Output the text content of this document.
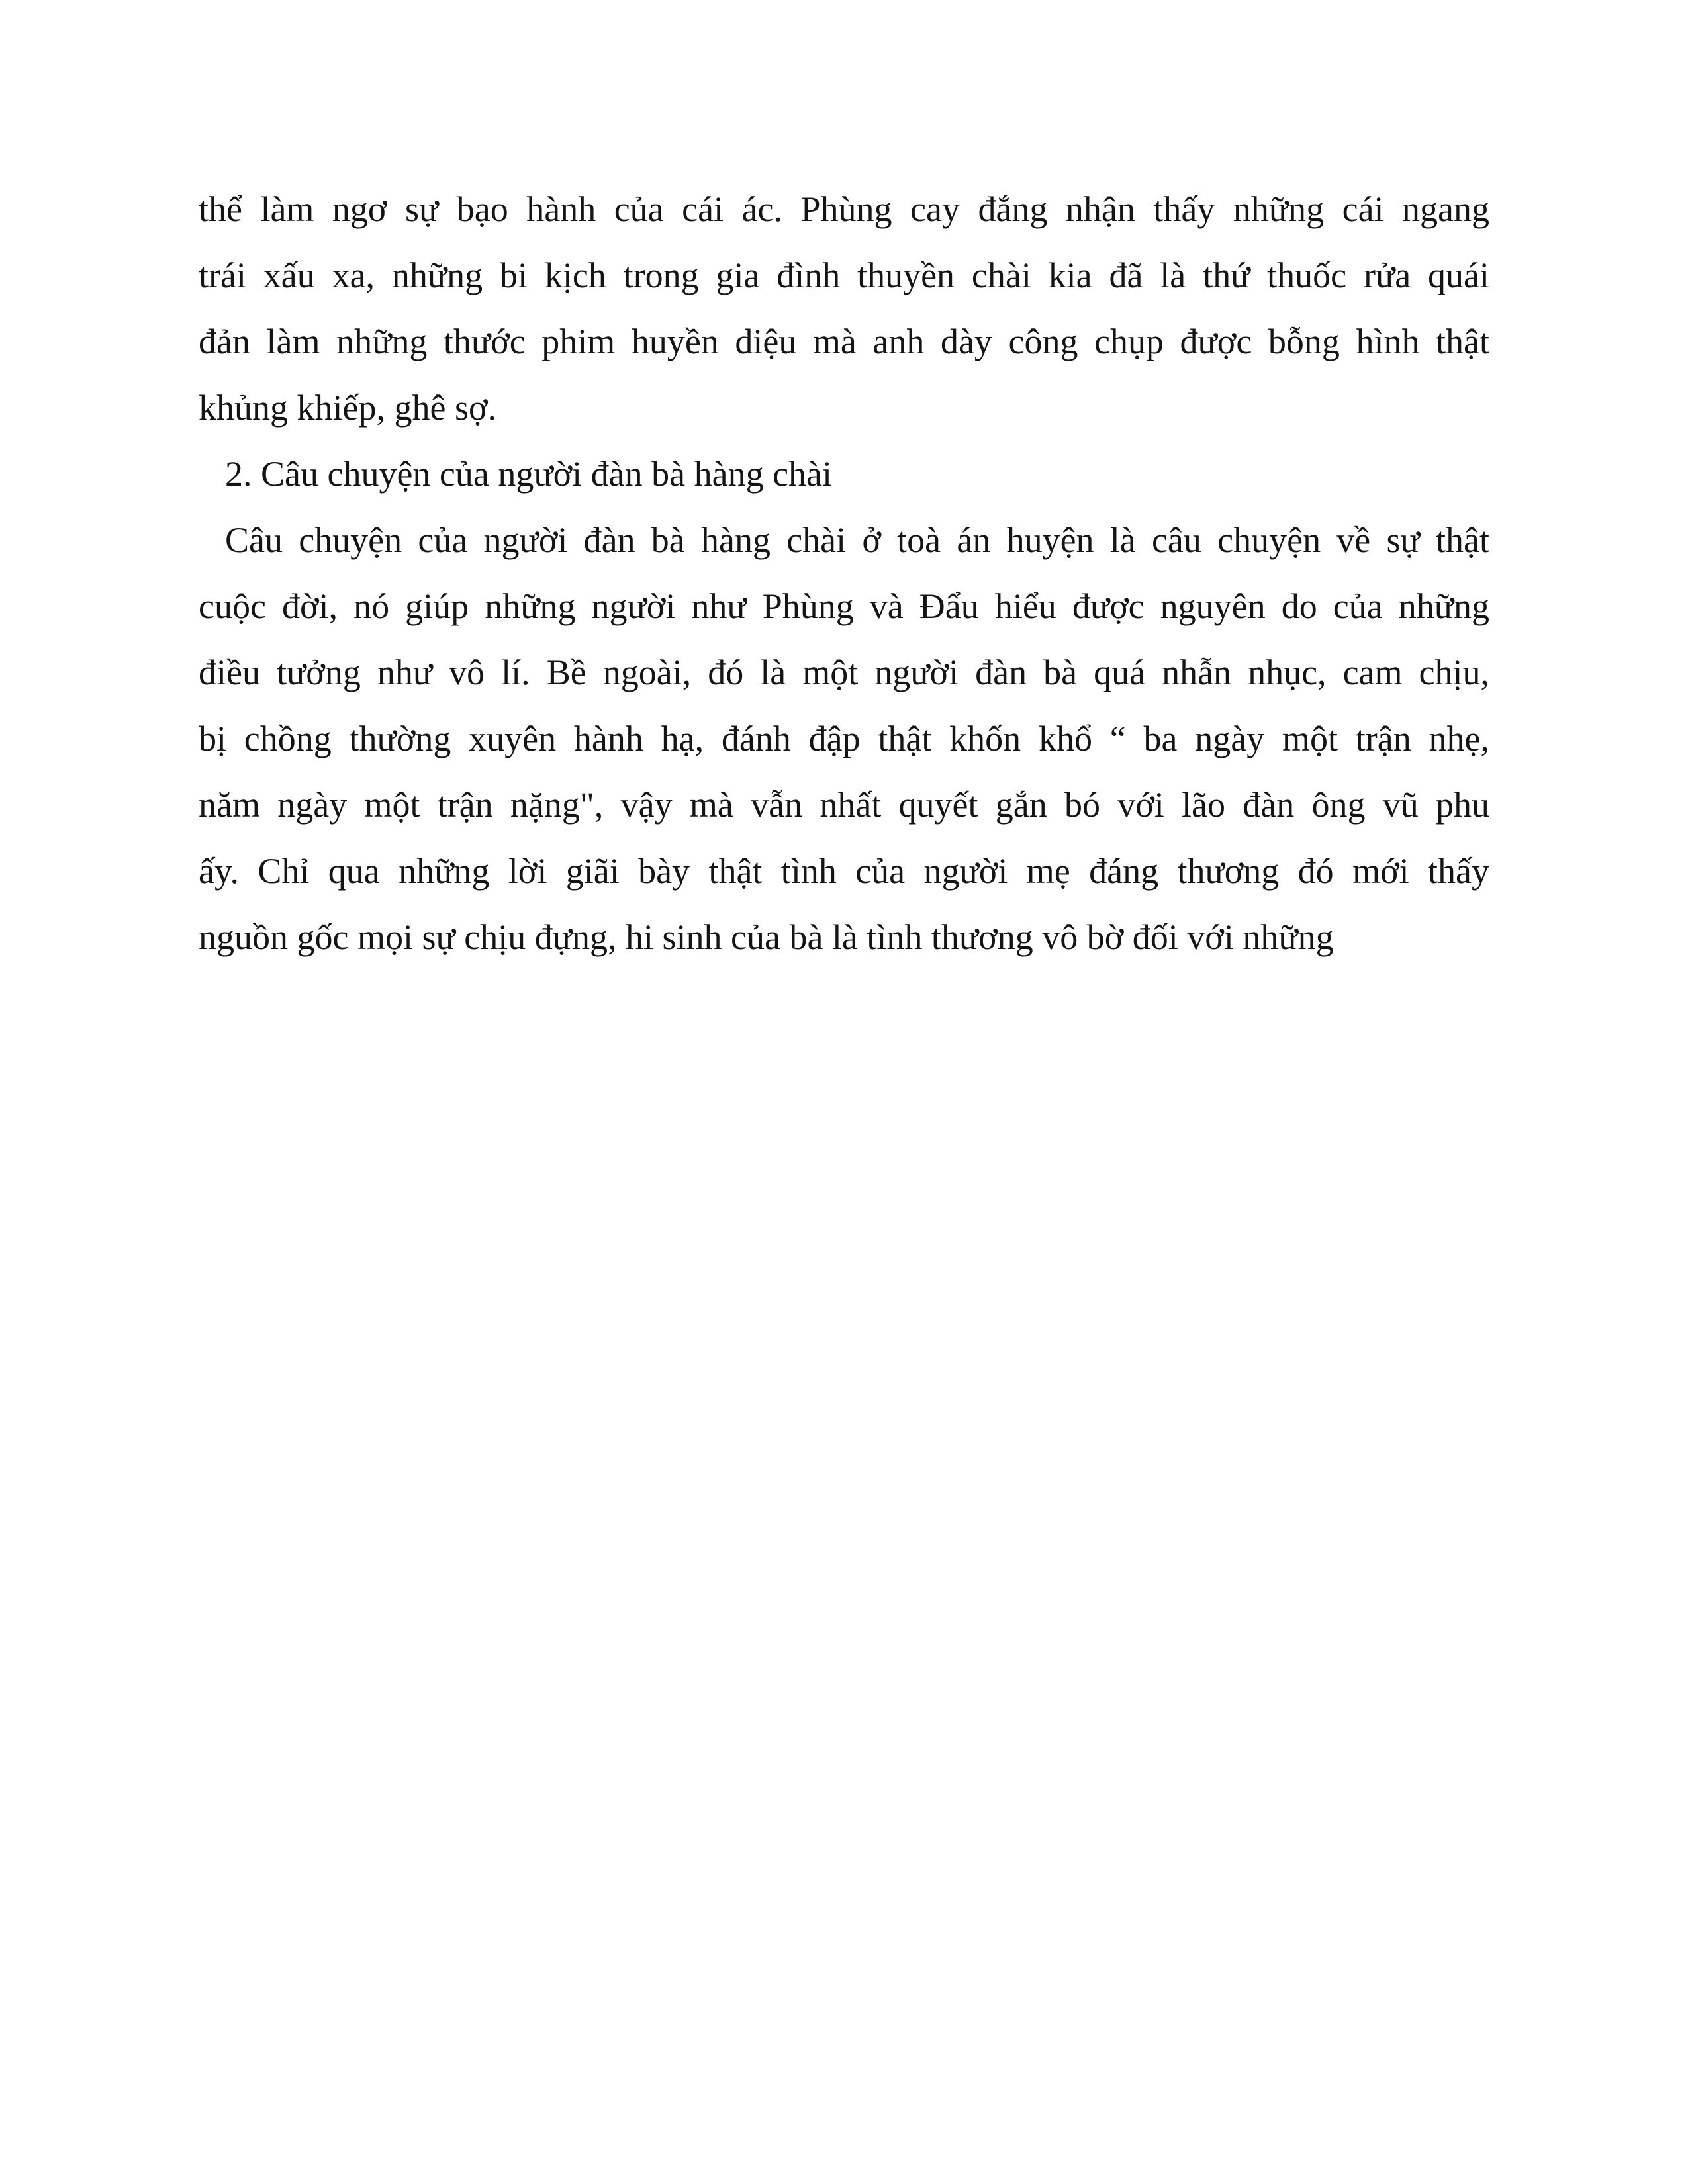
thể làm ngơ sự bạo hành của cái ác. Phùng cay đắng nhận thấy những cái ngang
trái xấu xa, những bi kịch trong gia đình thuyền chài kia đã là thứ thuốc rửa quái
đản làm những thước phim huyền diệu mà anh dày công chụp được bỗng hình thật
khủng khiếp, ghê sợ.
2. Câu chuyện của người đàn bà hàng chài
Câu chuyện của người đàn bà hàng chài ở toà án huyện là câu chuyện về sự thật
cuộc đời, nó giúp những người như Phùng và Đẩu hiểu được nguyên do của những
điều tưởng như vô lí. Bề ngoài, đó là một người đàn bà quá nhẫn nhục, cam chịu,
bị chồng thường xuyên hành hạ, đánh đập thật khốn khổ “ ba ngày một trận nhẹ,
năm ngày một trận nặng", vậy mà vẫn nhất quyết gắn bó với lão đàn ông vũ phu
ấy. Chỉ qua những lời giãi bày thật tình của người mẹ đáng thương đó mới thấy
nguồn gốc mọi sự chịu đựng, hi sinh của bà là tình thương vô bờ đối với những
